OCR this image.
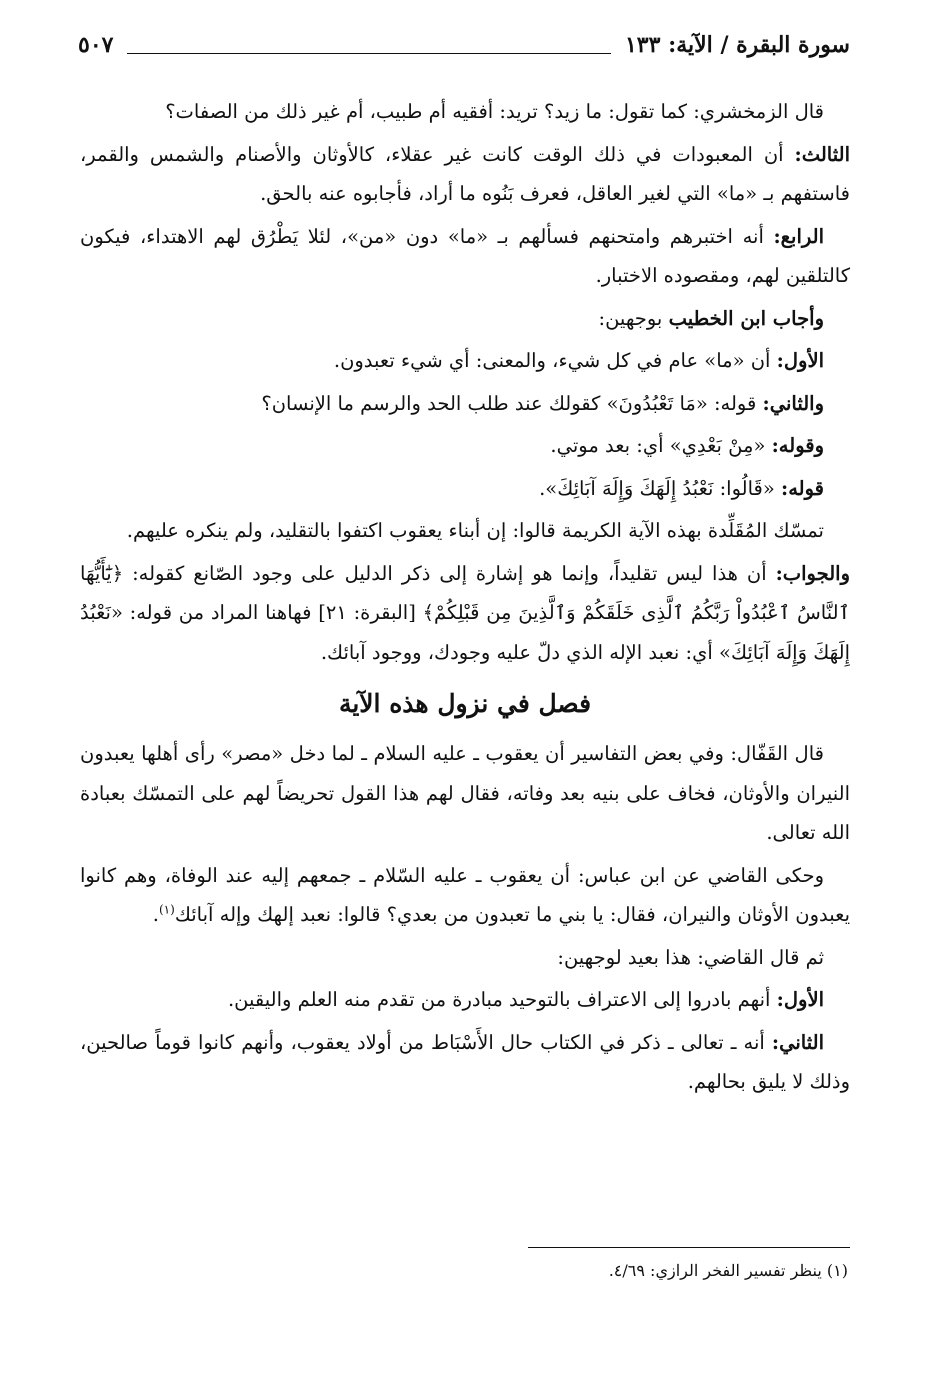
سورة البقرة / الآية: ١٣٣
٥٠٧

قال الزمخشري: كما تقول: ما زيد؟ تريد: أفقيه أم طبيب، أم غير ذلك من الصفات؟

الثالث: أن المعبودات في ذلك الوقت كانت غير عقلاء، كالأوثان والأصنام والشمس والقمر، فاستفهم بـ «ما» التي لغير العاقل، فعرف بَنُوه ما أراد، فأجابوه عنه بالحق.

الرابع: أنه اختبرهم وامتحنهم فسألهم بـ «ما» دون «من»، لئلا يَطْرُق لهم الاهتداء، فيكون كالتلقين لهم، ومقصوده الاختبار.

وأجاب ابن الخطيب بوجهين:

الأول: أن «ما» عام في كل شيء، والمعنى: أي شيء تعبدون.

والثاني: قوله: «مَا تَعْبُدُونَ» كقولك عند طلب الحد والرسم ما الإنسان؟

وقوله: «مِنْ بَعْدِي» أي: بعد موتي.

قوله: «قَالُوا: نَعْبُدُ إِلَهَكَ وَإِلَهَ آبَائِكَ».

تمسّك المُقَلِّدة بهذه الآية الكريمة قالوا: إن أبناء يعقوب اكتفوا بالتقليد، ولم ينكره عليهم.

والجواب: أن هذا ليس تقليداً، وإنما هو إشارة إلى ذكر الدليل على وجود الصّانع كقوله: ﴿يَٰٓأَيُّهَا ٱلنَّاسُ ٱعْبُدُواْ رَبَّكُمُ ٱلَّذِى خَلَقَكُمْ وَٱلَّذِينَ مِن قَبْلِكُمْ﴾ [البقرة: ٢١] فهاهنا المراد من قوله: «نَعْبُدُ إِلَهَكَ وَإِلَهَ آبَائِكَ» أي: نعبد الإله الذي دلّ عليه وجودك، ووجود آبائك.

فصل في نزول هذه الآية

قال القَفّال: وفي بعض التفاسير أن يعقوب ـ عليه السلام ـ لما دخل «مصر» رأى أهلها يعبدون النيران والأوثان، فخاف على بنيه بعد وفاته، فقال لهم هذا القول تحريضاً لهم على التمسّك بعبادة الله تعالى.

وحكى القاضي عن ابن عباس: أن يعقوب ـ عليه السّلام ـ جمعهم إليه عند الوفاة، وهم كانوا يعبدون الأوثان والنيران، فقال: يا بني ما تعبدون من بعدي؟ قالوا: نعبد إلهك وإله آبائك$^{(١)}$.

ثم قال القاضي: هذا بعيد لوجهين:

الأول: أنهم بادروا إلى الاعتراف بالتوحيد مبادرة من تقدم منه العلم واليقين.

الثاني: أنه ـ تعالى ـ ذكر في الكتاب حال الأَسْبَاط من أولاد يعقوب، وأنهم كانوا قوماً صالحين، وذلك لا يليق بحالهم.

(١) ينظر تفسير الفخر الرازي: ٤/٦٩.
